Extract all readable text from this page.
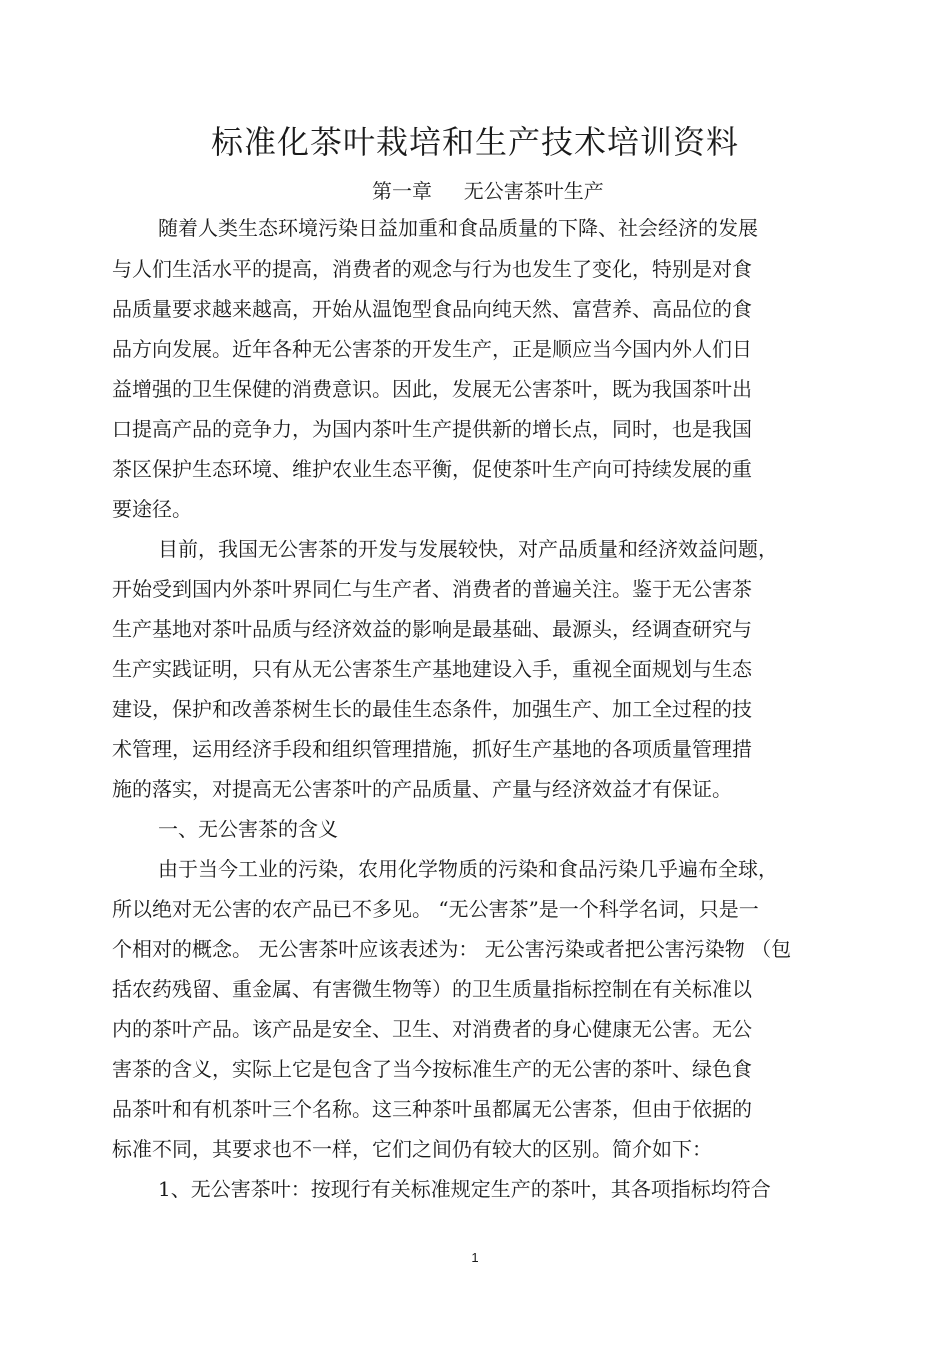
标准化茶叶栽培和生产技术培训资料
第一章     无公害茶叶生产
随着人类生态环境污染日益加重和食品质量的下降、社会经济的发展
与人们生活水平的提高，消费者的观念与行为也发生了变化，特别是对食
品质量要求越来越高，开始从温饱型食品向纯天然、富营养、高品位的食
品方向发展。近年各种无公害茶的开发生产，正是顺应当今国内外人们日
益增强的卫生保健的消费意识。因此，发展无公害茶叶，既为我国茶叶出
口提高产品的竞争力，为国内茶叶生产提供新的增长点，同时，也是我国
茶区保护生态环境、维护农业生态平衡，促使茶叶生产向可持续发展的重
要途径。
目前，我国无公害茶的开发与发展较快，对产品质量和经济效益问题，
开始受到国内外茶叶界同仁与生产者、消费者的普遍关注。鉴于无公害茶
生产基地对茶叶品质与经济效益的影响是最基础、最源头，经调查研究与
生产实践证明，只有从无公害茶生产基地建设入手，重视全面规划与生态
建设，保护和改善茶树生长的最佳生态条件，加强生产、加工全过程的技
术管理，运用经济手段和组织管理措施，抓好生产基地的各项质量管理措
施的落实，对提高无公害茶叶的产品质量、产量与经济效益才有保证。
一、无公害茶的含义
由于当今工业的污染，农用化学物质的污染和食品污染几乎遍布全球，
所以绝对无公害的农产品已不多见。 “无公害茶”是一个科学名词，只是一
个相对的概念。 无公害茶叶应该表述为： 无公害污染或者把公害污染物 （包
括农药残留、重金属、有害微生物等）的卫生质量指标控制在有关标准以
内的茶叶产品。该产品是安全、卫生、对消费者的身心健康无公害。无公
害茶的含义，实际上它是包含了当今按标准生产的无公害的茶叶、绿色食
品茶叶和有机茶叶三个名称。这三种茶叶虽都属无公害茶，但由于依据的
标准不同，其要求也不一样，它们之间仍有较大的区别。简介如下：
1、无公害茶叶：按现行有关标准规定生产的茶叶，其各项指标均符合
1
